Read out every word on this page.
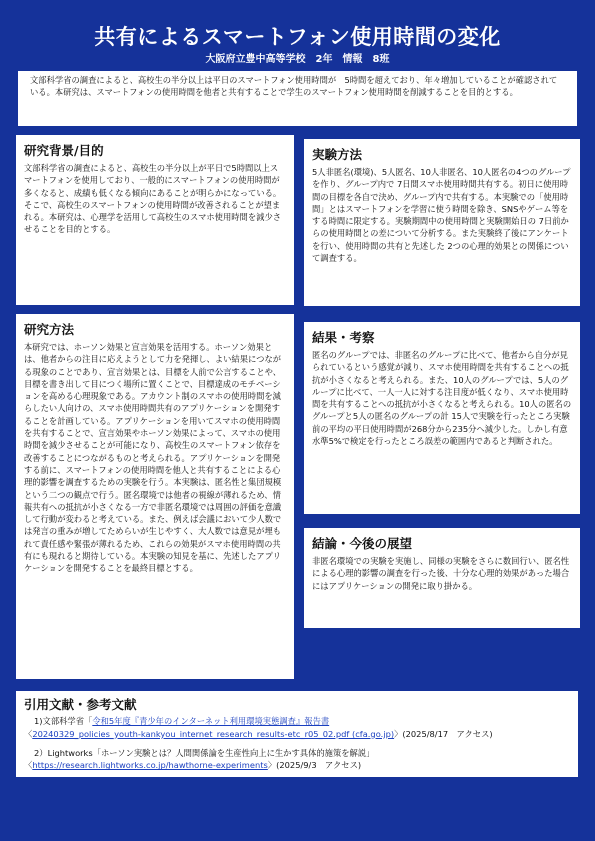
共有によるスマートフォン使用時間の変化
大阪府立豊中高等学校　2年　情報　8班

文部科学省の調査によると、高校生の半分以上は平日のスマートフォン使用時間が　5時間を超えており、年々増加していることが確認されている。本研究は、スマートフォンの使用時間を他者と共有することで学生のスマートフォン使用時間を削減することを目的とする。

研究背景/目的

文部科学省の調査によると、高校生の半分以上が平日で5時間以上スマートフォンを使用しており、一般的にスマートフォンの使用時間が多くなると、成績も低くなる傾向にあることが明らかになっている。そこで、高校生のスマートフォンの使用時間が改善されることが望まれる。本研究は、心理学を活用して高校生のスマホ使用時間を減少させることを目的とする。

実験方法

5人非匿名(環境)、5人匿名、10人非匿名、10人匿名の4つのグループを作り、グループ内で 7日間スマホ使用時間共有する。初日に使用時間の目標を各自で決め、グループ内で共有する。本実験での「使用時間」とはスマートフォンを学習に使う時間を除き、SNSやゲーム等をする時間に限定する。実験期間中の使用時間と実験開始日の 7日前からの使用時間との差について分析する。また実験終了後にアンケートを行い、使用時間の共有と先述した 2つの心理的効果との関係について調査する。

研究方法

本研究では、ホーソン効果と宣言効果を活用する。ホーソン効果とは、他者からの注目に応えようとして力を発揮し、よい結果につながる現象のことであり、宣言効果とは、目標を人前で公言することや、目標を書き出して目につく場所に置くことで、目標達成のモチベーションを高める心理現象である。アカウント制のスマホの使用時間を減らしたい人向けの、スマホ使用時間共有のアプリケーションを開発することを計画している。アプリケーションを用いてスマホの使用時間を共有することで、宣言効果やホーソン効果によって、スマホの使用時間を減少させることが可能になり、高校生のスマートフォン依存を改善することにつながるものと考えられる。アプリケーションを開発する前に、スマートフォンの使用時間を他人と共有することによる心理的影響を調査するための実験を行う。本実験は、匿名性と集団規模という二つの観点で行う。匿名環境では他者の視線が薄れるため、情報共有への抵抗が小さくなる一方で非匿名環境では周囲の評価を意識して行動が変わると考えている。また、例えば会議において少人数では発言の重みが増してためらいが生じやすく、大人数では意見が埋もれて責任感や緊張が薄れるため、これらの効果がスマホ使用時間の共有にも現れると期待している。本実験の知見を基に、先述したアプリケーションを開発することを最終目標とする。

結果・考察

匿名のグループでは、非匿名のグループに比べて、他者から自分が見られているという感覚が減り、スマホ使用時間を共有することへの抵抗が小さくなると考えられる。また、10人のグループでは、5人のグループに比べて、一人一人に対する注目度が低くなり、スマホ使用時間を共有することへの抵抗が小さくなると考えられる。10人の匿名のグループと5人の匿名のグループの計 15人で実験を行ったところ実験前の平均の平日使用時間が268分から235分へ減少した。しかし有意水準5%で検定を行ったところ誤差の範囲内であると判断された。

結論・今後の展望

非匿名環境での実験を実施し、同様の実験をさらに数回行い、匿名性による心理的影響の調査を行った後、十分な心理的効果があった場合にはアプリケーションの開発に取り掛かる。

引用文献・参考文献

1)文部科学省「令和5年度『青少年のインターネット利用環境実態調査』報告書
〈20240329_policies_youth-kankyou_internet_research_results-etc_r05_02.pdf (cfa.go.jp)〉(2025/8/17　アクセス)

2）Lightworks「ホーソン実験とは？人間関係論を生産性向上に生かす具体的施策を解説」
〈https://research.lightworks.co.jp/hawthorne-experiments〉(2025/9/3　アクセス)
